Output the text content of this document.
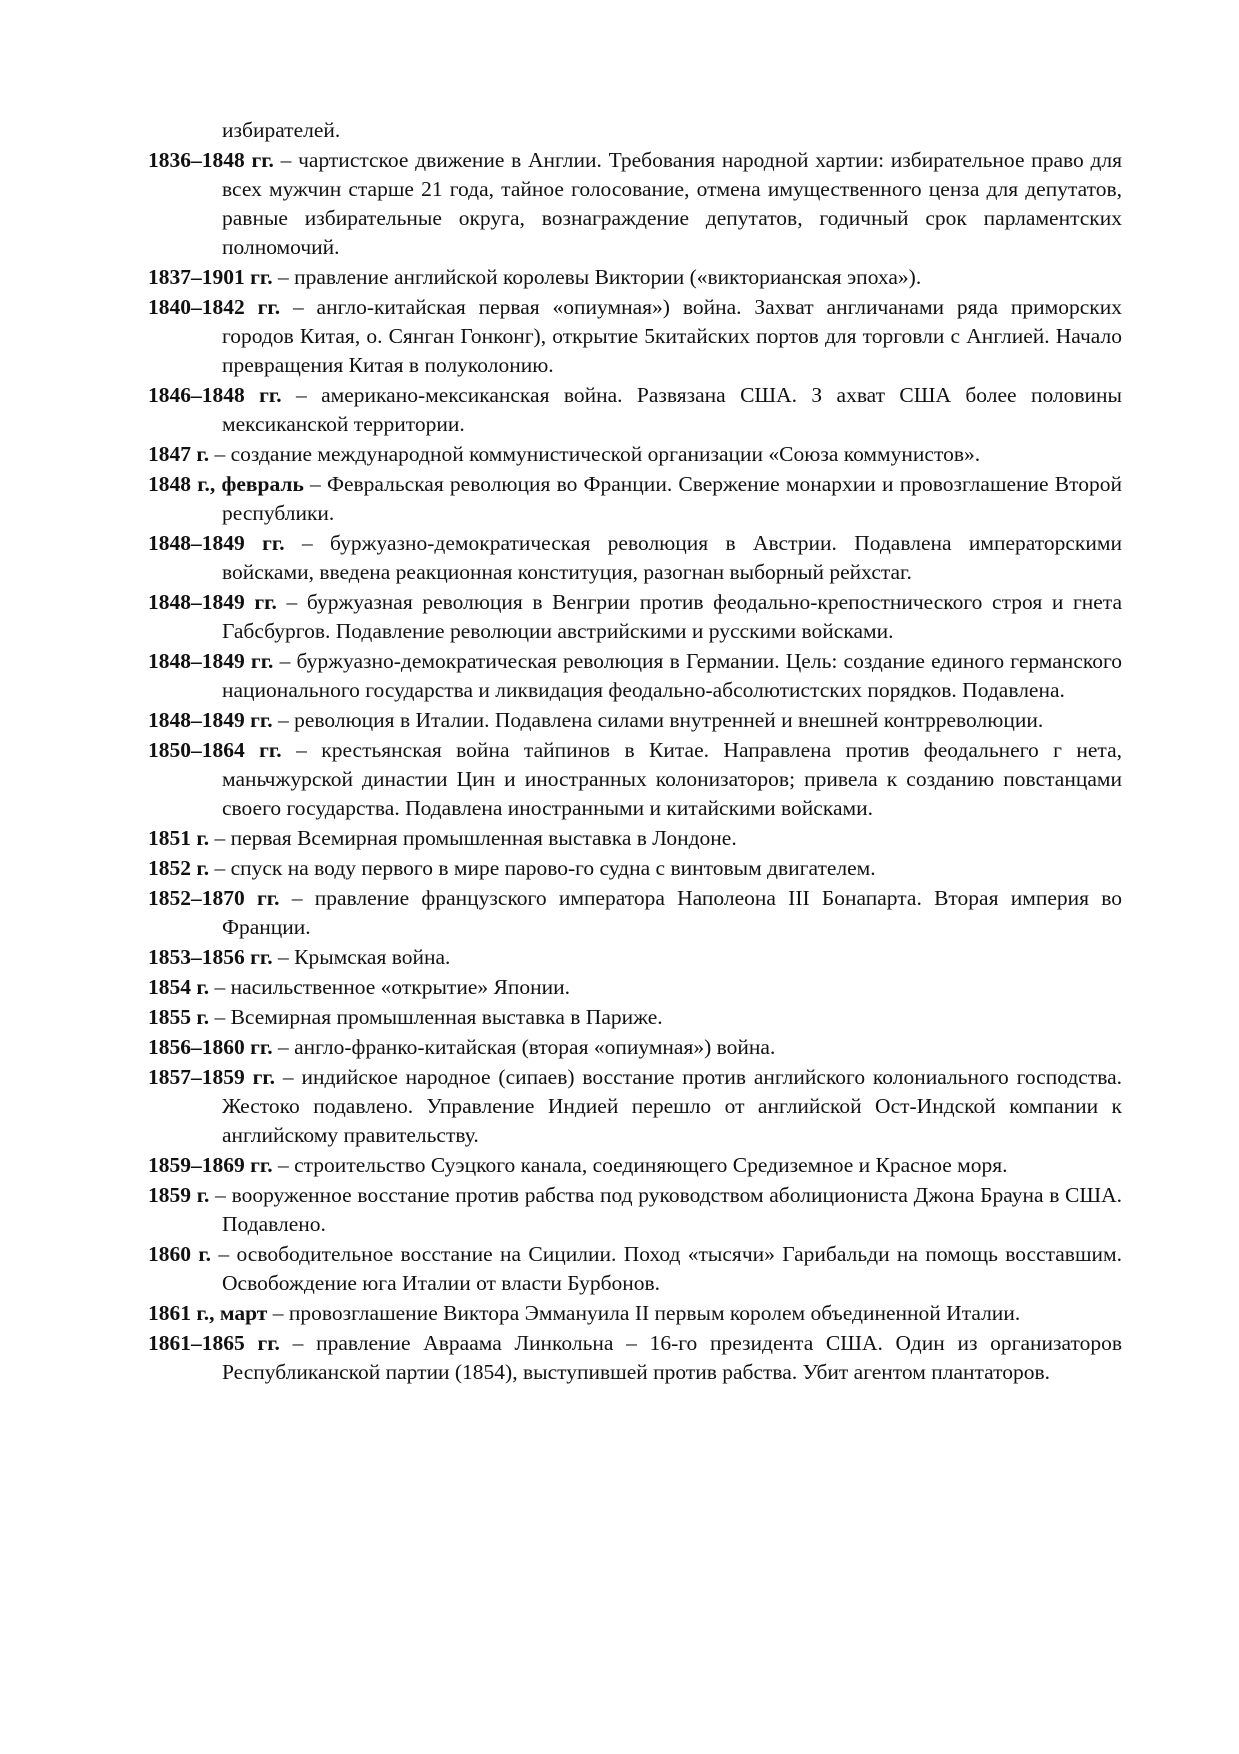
избирателей.
1836–1848 гг. – чартистское движение в Англии. Требования народной хартии: избирательное право для всех мужчин старше 21 года, тайное голосование, отмена имущественного ценза для депутатов, равные избирательные округа, вознаграждение депутатов, годичный срок парламентских полномочий.
1837–1901 гг. – правление английской королевы Виктории («викторианская эпоха»).
1840–1842 гг. – англо-китайская первая «опиумная») война. Захват англичанами ряда приморских городов Китая, о. Сянган Гонконг), открытие 5китайских портов для торговли с Англией. Начало превращения Китая в полуколонию.
1846–1848 гг. – американо-мексиканская война. Развязана США. З ахват США более половины мексиканской территории.
1847 г. – создание международной коммунистической организации «Союза коммунистов».
1848 г., февраль – Февральская революция во Франции. Свержение монархии и провозглашение Второй республики.
1848–1849 гг. – буржуазно-демократическая революция в Австрии. Подавлена императорскими войсками, введена реакционная конституция, разогнан выборный рейхстаг.
1848–1849 гг. – буржуазная революция в Венгрии против феодально-крепостнического строя и гнета Габсбургов. Подавление революции австрийскими и русскими войсками.
1848–1849 гг. – буржуазно-демократическая революция в Германии. Цель: создание единого германского национального государства и ликвидация феодально-абсолютистских порядков. Подавлена.
1848–1849 гг. – революция в Италии. Подавлена силами внутренней и внешней контрреволюции.
1850–1864 гг. – крестьянская война тайпинов в Китае. Направлена против феодальнего г нета, маньчжурской династии Цин и иностранных колонизаторов; привела к созданию повстанцами своего государства. Подавлена иностранными и китайскими войсками.
1851 г. – первая Всемирная промышленная выставка в Лондоне.
1852 г. – спуск на воду первого в мире парово-го судна с винтовым двигателем.
1852–1870 гг. – правление французского императора Наполеона III Бонапарта. Вторая империя во Франции.
1853–1856 гг. – Крымская война.
1854 г. – насильственное «открытие» Японии.
1855 г. – Всемирная промышленная выставка в Париже.
1856–1860 гг. – англо-франко-китайская (вторая «опиумная») война.
1857–1859 гг. – индийское народное (сипаев) восстание против английского колониального господства. Жестоко подавлено. Управление Индией перешло от английской Ост-Индской компании к английскому правительству.
1859–1869 гг. – строительство Суэцкого канала, соединяющего Средиземное и Красное моря.
1859 г. – вооруженное восстание против рабства под руководством аболициониста Джона Брауна в США. Подавлено.
1860 г. – освободительное восстание на Сицилии. Поход «тысячи» Гарибальди на помощь восставшим. Освобождение юга Италии от власти Бурбонов.
1861 г., март – провозглашение Виктора Эммануила II первым королем объединенной Италии.
1861–1865 гг. – правление Авраама Линкольна – 16-го президента США. Один из организаторов Республиканской партии (1854), выступившей против рабства. Убит агентом плантаторов.
